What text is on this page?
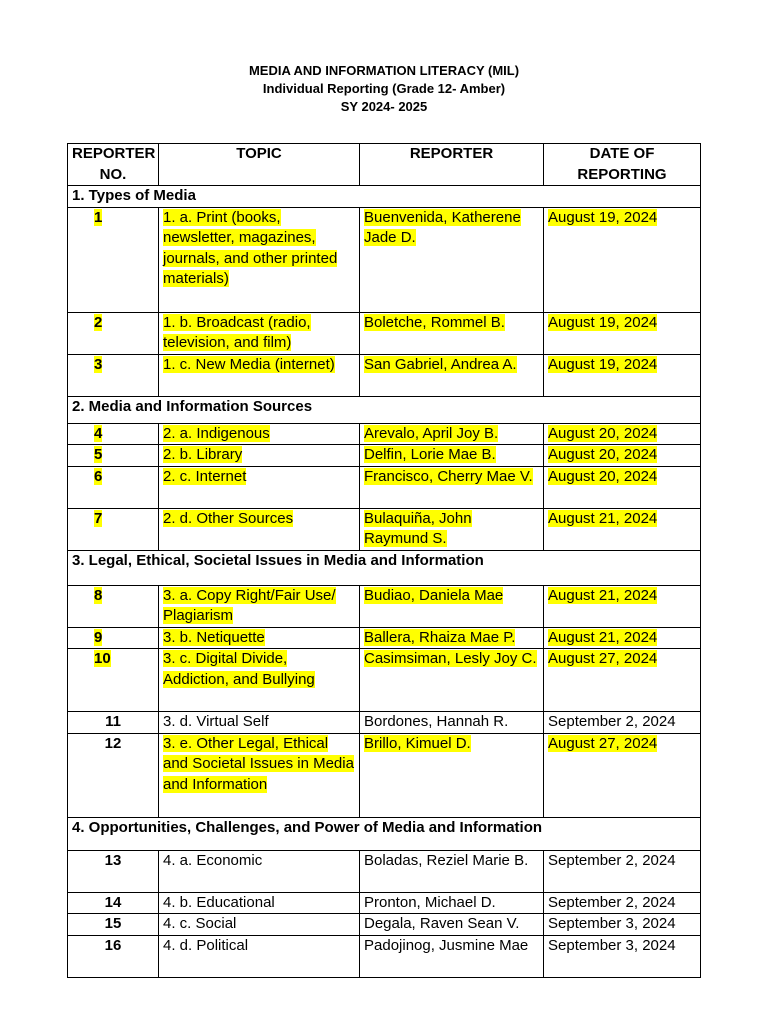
MEDIA AND INFORMATION LITERACY (MIL)
Individual Reporting (Grade 12- Amber)
SY 2024- 2025
REPORTER NO.	TOPIC	REPORTER	DATE OF REPORTING
1. Types of Media			
1	1. a. Print (books, newsletter, magazines, journals, and other printed materials)	Buenvenida, Katherene Jade D.	August 19, 2024
2	1. b. Broadcast (radio, television, and film)	Boletche, Rommel B.	August 19, 2024
3	1. c. New Media (internet)	San Gabriel, Andrea A.	August 19, 2024
2. Media and Information Sources			
4	2. a. Indigenous	Arevalo, April Joy B.	August 20, 2024
5	2. b. Library	Delfin, Lorie Mae B.	August 20, 2024
6	2. c. Internet	Francisco, Cherry Mae V.	August 20, 2024
7	2. d. Other Sources	Bulaquiña, John Raymund S.	August 21, 2024
3. Legal, Ethical, Societal Issues in Media and Information			
8	3. a. Copy Right/Fair Use/ Plagiarism	Budiao, Daniela Mae	August 21, 2024
9	3. b. Netiquette	Ballera, Rhaiza Mae P.	August 21, 2024
10	3. c. Digital Divide, Addiction, and Bullying	Casimsiman, Lesly Joy C.	August 27, 2024
11	3. d. Virtual Self	Bordones, Hannah R.	September 2, 2024
12	3. e. Other Legal, Ethical and Societal Issues in Media and Information	Brillo, Kimuel D.	August 27, 2024
4. Opportunities, Challenges, and Power of Media and Information			
13	4. a. Economic	Boladas, Reziel Marie B.	September 2, 2024
14	4. b. Educational	Pronton, Michael D.	September 2, 2024
15	4. c. Social	Degala, Raven Sean V.	September 3, 2024
16	4. d. Political	Padojinog, Jusmine Mae	September 3, 2024
